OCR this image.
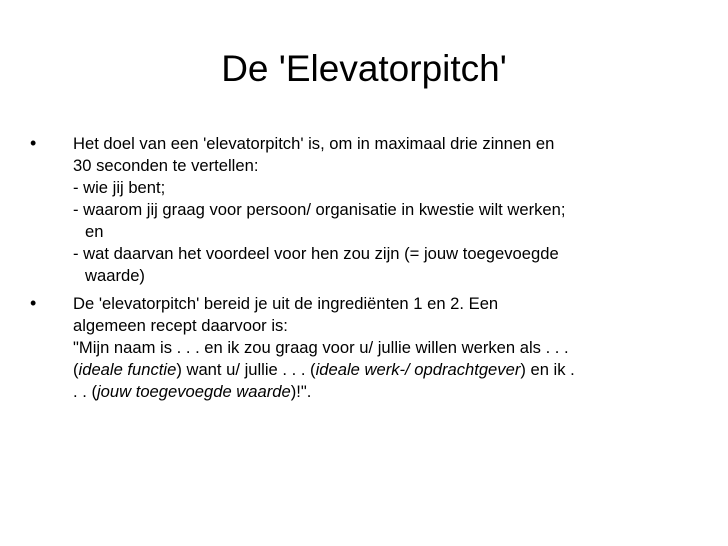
De 'Elevatorpitch'
• Het doel van een 'elevatorpitch' is, om in maximaal drie zinnen en
30 seconden te vertellen:
- wie jij bent;
- waarom jij graag voor persoon/ organisatie in kwestie wilt werken;
en
- wat daarvan het voordeel voor hen zou zijn (= jouw toegevoegde
waarde)
• De 'elevatorpitch' bereid je uit de ingrediënten 1 en 2. Een
algemeen recept daarvoor is:
"Mijn naam is . . . en ik zou graag voor u/ jullie willen werken als . . .
(ideale functie) want u/ jullie . . . (ideale werk-/ opdrachtgever) en ik .
. . (jouw toegevoegde waarde)!".
